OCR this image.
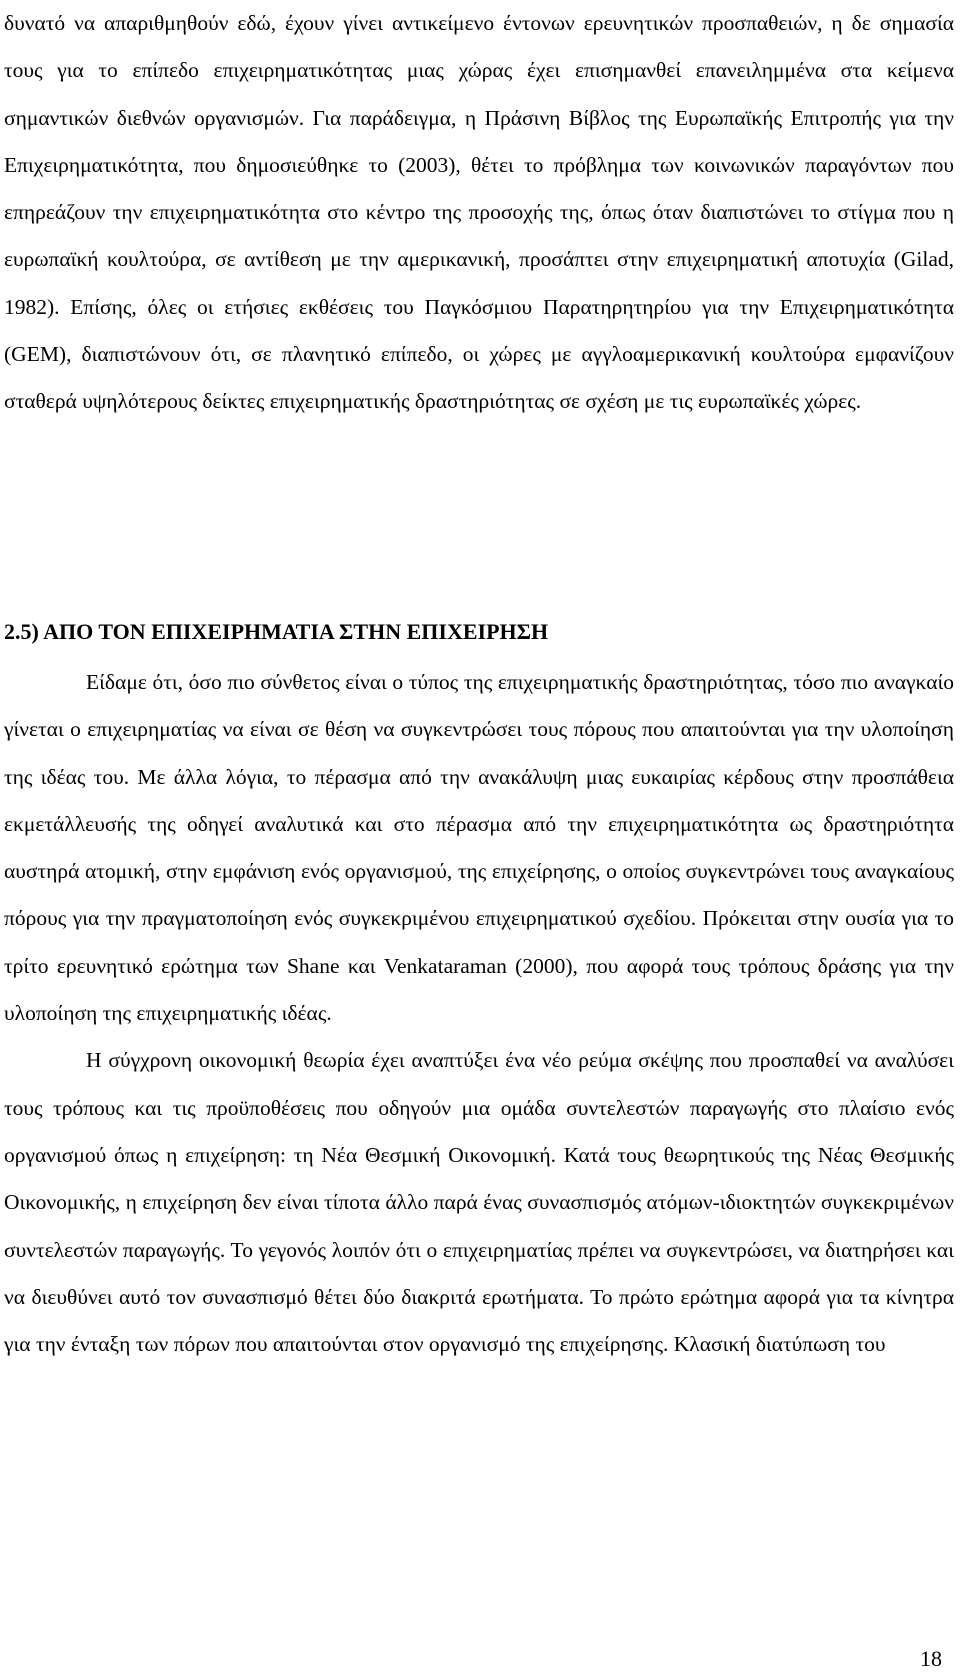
δυνατό να απαριθμηθούν εδώ, έχουν γίνει αντικείμενο έντονων ερευνητικών προσπαθειών, η δε σημασία τους για το επίπεδο επιχειρηματικότητας μιας χώρας έχει επισημανθεί επανειλημμένα στα κείμενα σημαντικών διεθνών οργανισμών. Για παράδειγμα, η Πράσινη Βίβλος της Ευρωπαϊκής Επιτροπής για την Επιχειρηματικότητα, που δημοσιεύθηκε το (2003), θέτει το πρόβλημα των κοινωνικών παραγόντων που επηρεάζουν την επιχειρηματικότητα στο κέντρο της προσοχής της, όπως όταν διαπιστώνει το στίγμα που η ευρωπαϊκή κουλτούρα, σε αντίθεση με την αμερικανική, προσάπτει στην επιχειρηματική αποτυχία (Gilad, 1982). Επίσης, όλες οι ετήσιες εκθέσεις του Παγκόσμιου Παρατηρητηρίου για την Επιχειρηματικότητα (GEM), διαπιστώνουν ότι, σε πλανητικό επίπεδο, οι χώρες με αγγλοαμερικανική κουλτούρα εμφανίζουν σταθερά υψηλότερους δείκτες επιχειρηματικής δραστηριότητας σε σχέση με τις ευρωπαϊκές χώρες.

2.5) ΑΠΟ ΤΟΝ ΕΠΙΧΕΙΡΗΜΑΤΙΑ ΣΤΗΝ ΕΠΙΧΕΙΡΗΣΗ

Είδαμε ότι, όσο πιο σύνθετος είναι ο τύπος της επιχειρηματικής δραστηριότητας, τόσο πιο αναγκαίο γίνεται ο επιχειρηματίας να είναι σε θέση να συγκεντρώσει τους πόρους που απαιτούνται για την υλοποίηση της ιδέας του. Με άλλα λόγια, το πέρασμα από την ανακάλυψη μιας ευκαιρίας κέρδους στην προσπάθεια εκμετάλλευσής της οδηγεί αναλυτικά και στο πέρασμα από την επιχειρηματικότητα ως δραστηριότητα αυστηρά ατομική, στην εμφάνιση ενός οργανισμού, της επιχείρησης, ο οποίος συγκεντρώνει τους αναγκαίους πόρους για την πραγματοποίηση ενός συγκεκριμένου επιχειρηματικού σχεδίου. Πρόκειται στην ουσία για το τρίτο ερευνητικό ερώτημα των Shane και Venkataraman (2000), που αφορά τους τρόπους δράσης για την υλοποίηση της επιχειρηματικής ιδέας.

Η σύγχρονη οικονομική θεωρία έχει αναπτύξει ένα νέο ρεύμα σκέψης που προσπαθεί να αναλύσει τους τρόπους και τις προϋποθέσεις που οδηγούν μια ομάδα συντελεστών παραγωγής στο πλαίσιο ενός οργανισμού όπως η επιχείρηση: τη Νέα Θεσμική Οικονομική. Κατά τους θεωρητικούς της Νέας Θεσμικής Οικονομικής, η επιχείρηση δεν είναι τίποτα άλλο παρά ένας συνασπισμός ατόμων-ιδιοκτητών συγκεκριμένων συντελεστών παραγωγής. Το γεγονός λοιπόν ότι ο επιχειρηματίας πρέπει να συγκεντρώσει, να διατηρήσει και να διευθύνει αυτό τον συνασπισμό θέτει δύο διακριτά ερωτήματα. Το πρώτο ερώτημα αφορά για τα κίνητρα για την ένταξη των πόρων που απαιτούνται στον οργανισμό της επιχείρησης. Κλασική διατύπωση του

18
